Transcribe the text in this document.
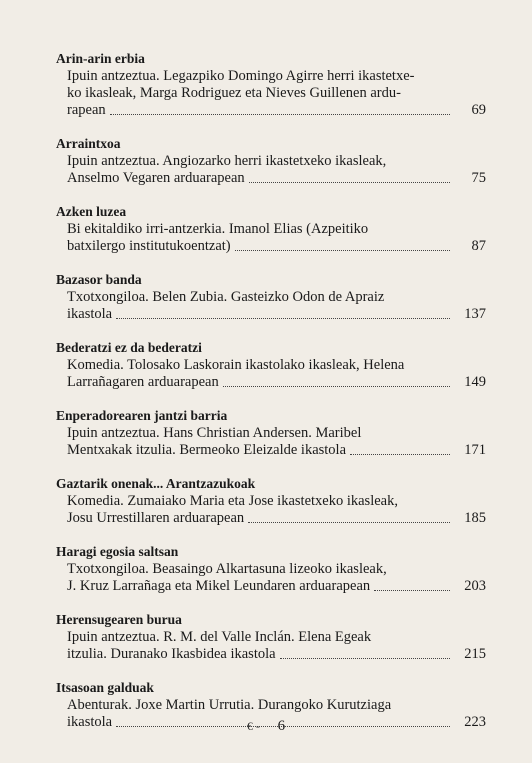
Arin-arin erbia
Ipuin antzeztua. Legazpiko Domingo Agirre herri ikastetxe-
ko ikasleak, Marga Rodriguez eta Nieves Guillenen ardu-
rapean	69
Arraintxoa
Ipuin antzeztua. Angiozarko herri ikastetxeko ikasleak,
Anselmo Vegaren arduarapean	75
Azken luzea
Bi ekitaldiko irri-antzerkia. Imanol Elias (Azpeitiko
batxilergo institutukoentzat)	87
Bazasor banda
Txotxongiloa. Belen Zubia. Gasteizko Odon de Apraiz
ikastola	137
Bederatzi ez da bederatzi
Komedia. Tolosako Laskorain ikastolako ikasleak, Helena
Larrañagaren arduarapean	149
Enperadorearen jantzi barria
Ipuin antzeztua. Hans Christian Andersen. Maribel
Mentxakak itzulia. Bermeoko Eleizalde ikastola	171
Gaztarik onenak... Arantzazukoak
Komedia. Zumaiako Maria eta Jose ikastetxeko ikasleak,
Josu Urrestillaren arduarapean	185
Haragi egosia saltsan
Txotxongiloa. Beasaingo Alkartasuna lizeoko ikasleak,
J. Kruz Larrañaga eta Mikel Leundaren arduarapean	203
Herensugearen burua
Ipuin antzeztua. R. M. del Valle Inclán. Elena Egeak
itzulia. Duranako Ikasbidea ikastola	215
Itsasoan galduak
Abenturak. Joxe Martin Urrutia. Durangoko Kurutziaga
ikastola	223
€ - 6
